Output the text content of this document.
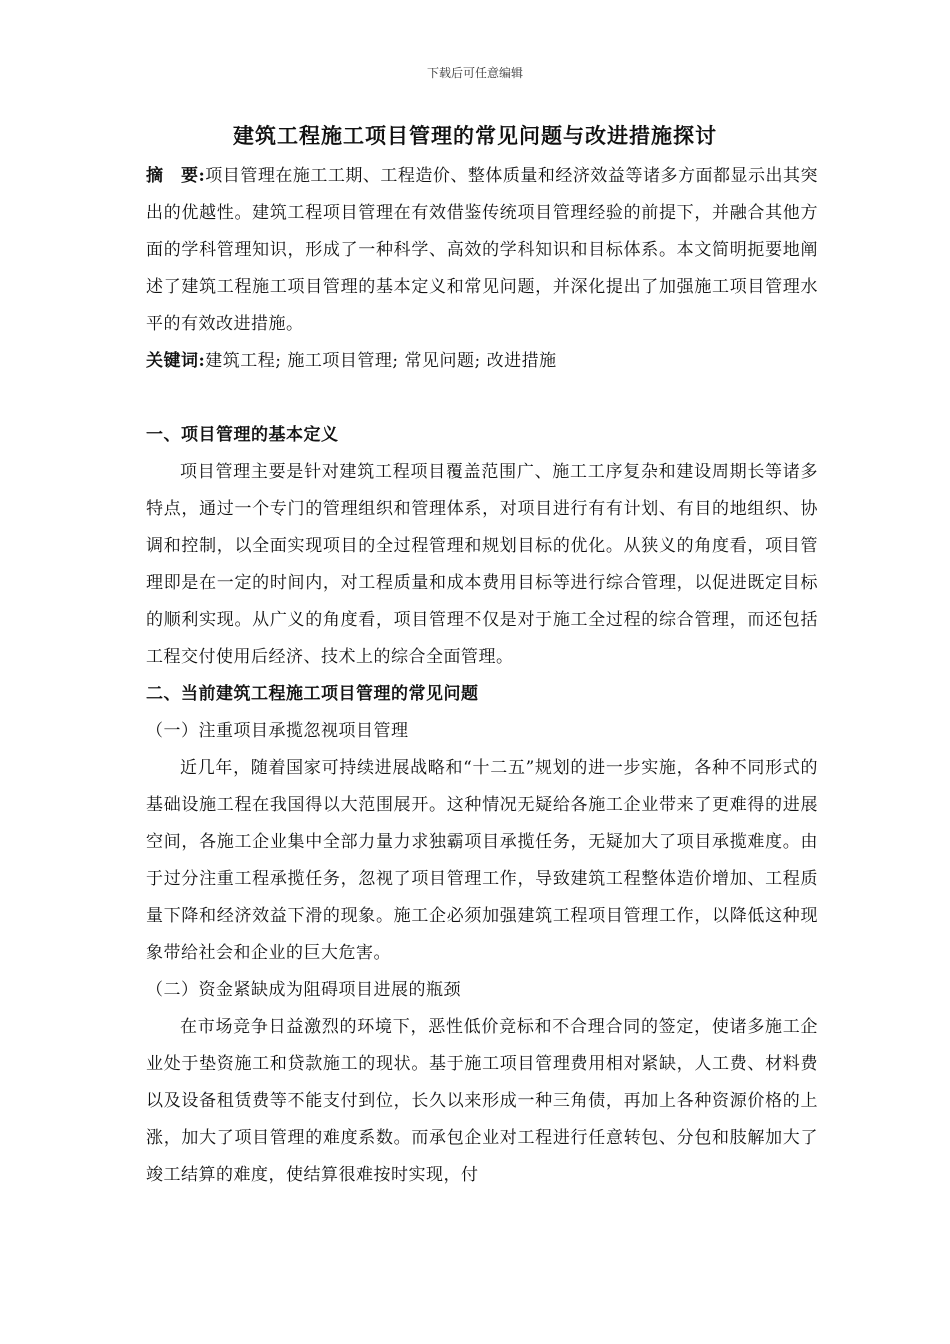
下载后可任意编辑
建筑工程施工项目管理的常见问题与改进措施探讨

摘　要:项目管理在施工工期、工程造价、整体质量和经济效益等诸多方面都显示出其突出的优越性。建筑工程项目管理在有效借鉴传统项目管理经验的前提下，并融合其他方面的学科管理知识，形成了一种科学、高效的学科知识和目标体系。本文简明扼要地阐述了建筑工程施工项目管理的基本定义和常见问题，并深化提出了加强施工项目管理水平的有效改进措施。

关键词:建筑工程; 施工项目管理; 常见问题; 改进措施

一、项目管理的基本定义

项目管理主要是针对建筑工程项目覆盖范围广、施工工序复杂和建设周期长等诸多特点，通过一个专门的管理组织和管理体系，对项目进行有有计划、有目的地组织、协调和控制，以全面实现项目的全过程管理和规划目标的优化。从狭义的角度看，项目管理即是在一定的时间内，对工程质量和成本费用目标等进行综合管理，以促进既定目标的顺利实现。从广义的角度看，项目管理不仅是对于施工全过程的综合管理，而还包括工程交付使用后经济、技术上的综合全面管理。

二、当前建筑工程施工项目管理的常见问题

（一）注重项目承揽忽视项目管理

近几年，随着国家可持续进展战略和“十二五”规划的进一步实施，各种不同形式的基础设施工程在我国得以大范围展开。这种情况无疑给各施工企业带来了更难得的进展空间，各施工企业集中全部力量力求独霸项目承揽任务，无疑加大了项目承揽难度。由于过分注重工程承揽任务，忽视了项目管理工作，导致建筑工程整体造价增加、工程质量下降和经济效益下滑的现象。施工企必须加强建筑工程项目管理工作，以降低这种现象带给社会和企业的巨大危害。

（二）资金紧缺成为阻碍项目进展的瓶颈

在市场竞争日益激烈的环境下，恶性低价竞标和不合理合同的签定，使诸多施工企业处于垫资施工和贷款施工的现状。基于施工项目管理费用相对紧缺，人工费、材料费以及设备租赁费等不能支付到位，长久以来形成一种三角债，再加上各种资源价格的上涨，加大了项目管理的难度系数。而承包企业对工程进行任意转包、分包和肢解加大了竣工结算的难度，使结算很难按时实现，付
